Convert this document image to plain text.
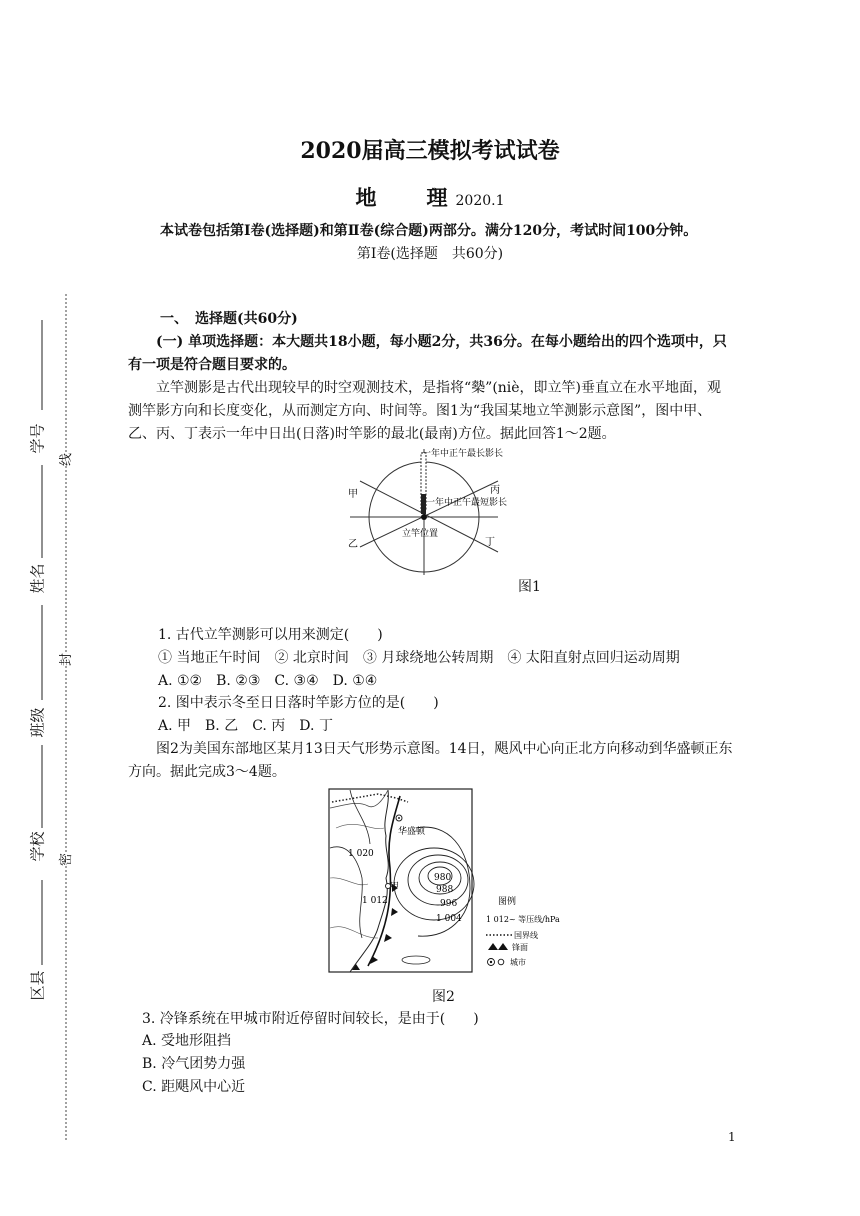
学号
姓名
班级
学校
区县
线
封
密
2020届高三模拟考试试卷
地 理 2020.1
本试卷包括第Ⅰ卷(选择题)和第Ⅱ卷(综合题)两部分。满分120分，考试时间100分钟。
第Ⅰ卷(选择题　共60分)
一、　选择题(共60分)
(一) 单项选择题：本大题共18小题，每小题2分，共36分。在每小题给出的四个选项中，只有一项是符合题目要求的。
立竿测影是古代出现较早的时空观测技术，是指将“槷”(niè，即立竿)垂直立在水平地面，观测竿影方向和长度变化，从而测定方向、时间等。图1为“我国某地立竿测影示意图”，图中甲、乙、丙、丁表示一年中日出(日落)时竿影的最北(最南)方位。据此回答1～2题。
甲
乙
丙
丁
一年中正午最长影长
一年中正午最短影长
立竿位置
图1
1. 古代立竿测影可以用来测定(　　)
① 当地正午时间　② 北京时间　③ 月球绕地公转周期　④ 太阳直射点回归运动周期
A. ①②　B. ②③　C. ③④　D. ①④
2. 图中表示冬至日日落时竿影方位的是(　　)
A. 甲　B. 乙　C. 丙　D. 丁
图2为美国东部地区某月13日天气形势示意图。14日，飓风中心向正北方向移动到华盛顿正东方向。据此完成3～4题。
华盛顿
甲
1 020
1 012
980
988
996
1 004
图例
1 012~ 等压线/hPa
国界线
锋面
城市
图2
3. 冷锋系统在甲城市附近停留时间较长，是由于(　　)
A. 受地形阻挡
B. 冷气团势力强
C. 距飓风中心近
1
